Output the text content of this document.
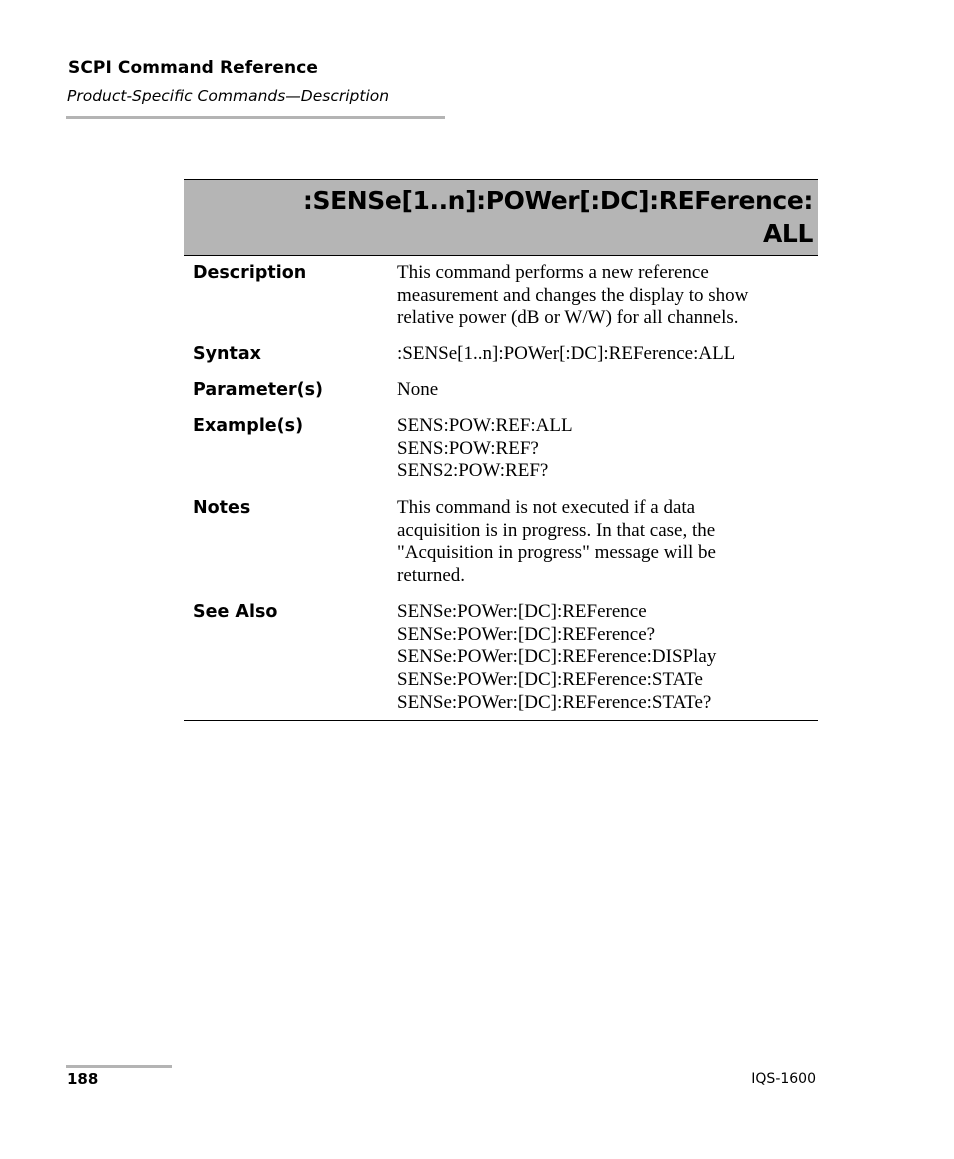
SCPI Command Reference
Product-Specific Commands—Description
:SENSe[1..n]:POWer[:DC]:REFerence:
ALL
Description	This command performs a new reference
measurement and changes the display to show
relative power (dB or W/W) for all channels.
Syntax	:SENSe[1..n]:POWer[:DC]:REFerence:ALL
Parameter(s)	None
Example(s)	SENS:POW:REF:ALL
SENS:POW:REF?
SENS2:POW:REF?
Notes	This command is not executed if a data
acquisition is in progress. In that case, the
"Acquisition in progress" message will be
returned.
See Also	SENSe:POWer:[DC]:REFerence
SENSe:POWer:[DC]:REFerence?
SENSe:POWer:[DC]:REFerence:DISPlay
SENSe:POWer:[DC]:REFerence:STATe
SENSe:POWer:[DC]:REFerence:STATe?
188	IQS-1600
